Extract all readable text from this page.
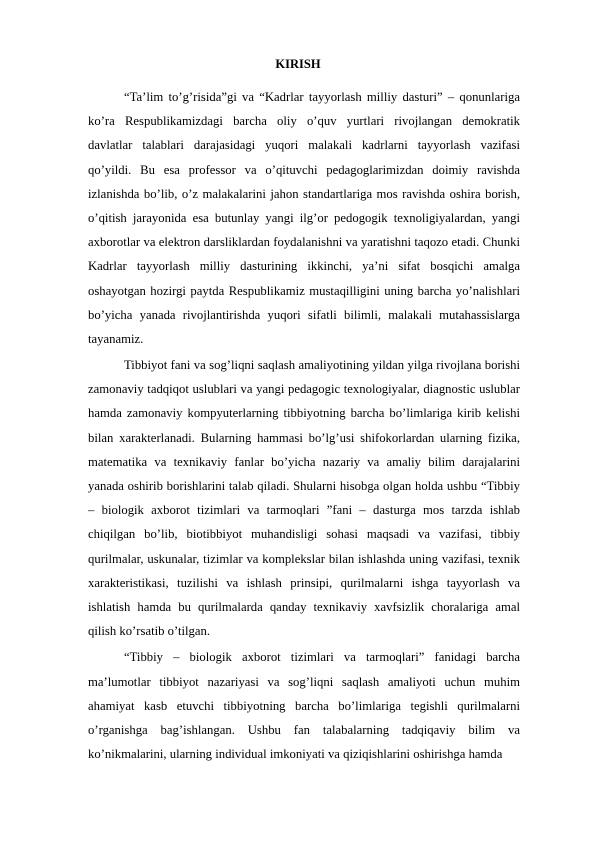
KIRISH
“Ta’lim to’g’risida”gi va “Kadrlar tayyorlash milliy dasturi” – qonunlariga
ko’ra Respublikamizdagi barcha oliy o’quv yurtlari rivojlangan demokratik
davlatlar talablari darajasidagi yuqori malakali kadrlarni tayyorlash vazifasi
qo’yildi. Bu esa professor va o’qituvchi pedagoglarimizdan doimiy ravishda
izlanishda bo’lib, o’z malakalarini jahon standartlariga mos ravishda oshira borish,
o’qitish jarayonida esa butunlay yangi ilg’or pedogogik texnoligiyalardan, yangi
axborotlar va elektron darsliklardan foydalanishni va yaratishni taqozo etadi. Chunki
Kadrlar tayyorlash milliy dasturining ikkinchi, ya’ni sifat bosqichi amalga
oshayotgan hozirgi paytda Respublikamiz mustaqilligini uning barcha yo’nalishlari
bo’yicha yanada rivojlantirishda yuqori sifatli bilimli, malakali mutahassislarga
tayanamiz.
Tibbiyot fani va sog’liqni saqlash amaliyotining yildan yilga rivojlana borishi
zamonaviy tadqiqot uslublari va yangi pedagogic texnologiyalar, diagnostic uslublar
hamda zamonaviy kompyuterlarning tibbiyotning barcha bo’limlariga kirib kelishi
bilan xarakterlanadi. Bularning hammasi bo’lg’usi shifokorlardan ularning fizika,
matematika va texnikaviy fanlar bo’yicha nazariy va amaliy bilim darajalarini
yanada oshirib borishlarini talab qiladi. Shularni hisobga olgan holda ushbu “Tibbiy
– biologik axborot tizimlari va tarmoqlari ”fani – dasturga mos tarzda ishlab
chiqilgan bo’lib, biotibbiyot muhandisligi sohasi maqsadi va vazifasi, tibbiy
qurilmalar, uskunalar, tizimlar va komplekslar bilan ishlashda uning vazifasi, texnik
xarakteristikasi, tuzilishi va ishlash prinsipi, qurilmalarni ishga tayyorlash va
ishlatish hamda bu qurilmalarda qanday texnikaviy xavfsizlik choralariga amal
qilish ko’rsatib o’tilgan.
“Tibbiy – biologik axborot tizimlari va tarmoqlari” fanidagi barcha
ma’lumotlar tibbiyot nazariyasi va sog’liqni saqlash amaliyoti uchun muhim
ahamiyat kasb etuvchi tibbiyotning barcha bo’limlariga tegishli qurilmalarni
o’rganishga bag’ishlangan. Ushbu fan talabalarning tadqiqaviy bilim va
ko’nikmalarini, ularning individual imkoniyati va qiziqishlarini oshirishga hamda
